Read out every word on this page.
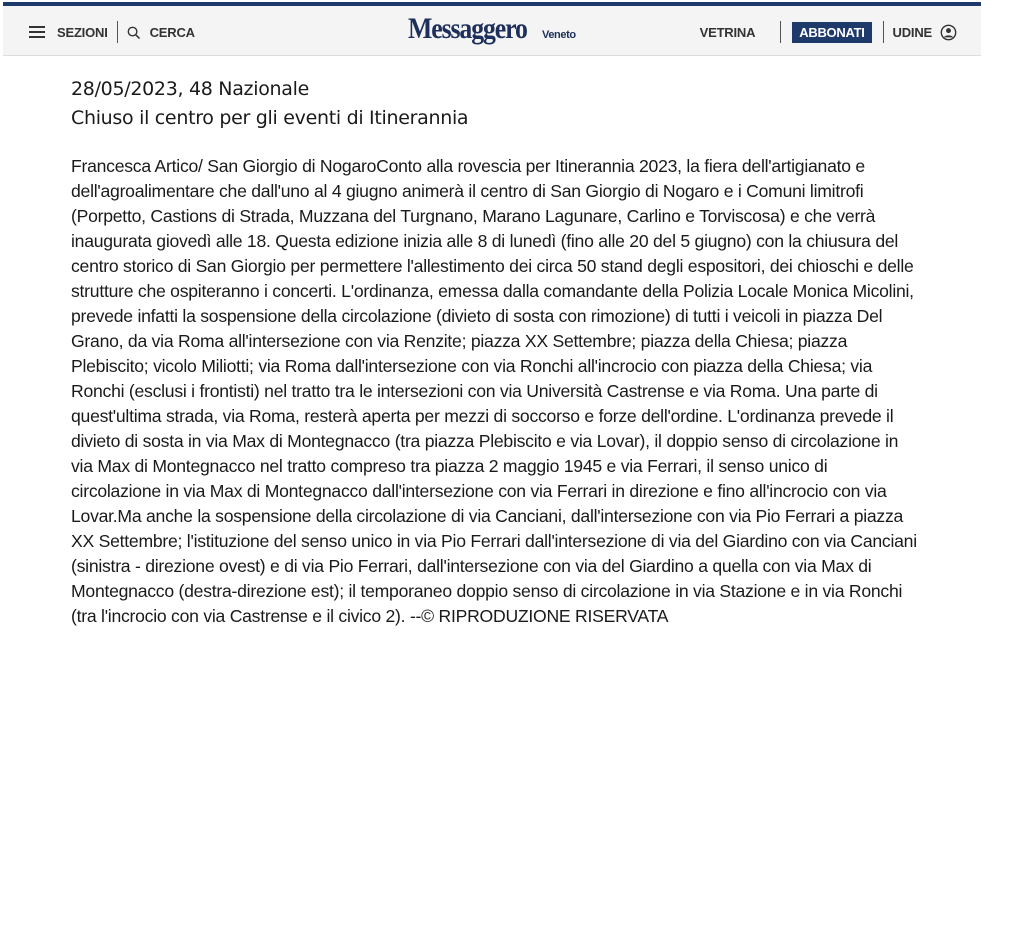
SEZIONI	CERCA	Messaggero Veneto	VETRINA	ABBONATI	UDINE

28/05/2023, 48 Nazionale

Chiuso il centro per gli eventi di Itinerannia

Francesca Artico/ San Giorgio di NogaroConto alla rovescia per Itinerannia 2023, la fiera dell'artigianato e dell'agroalimentare che dall'uno al 4 giugno animerà il centro di San Giorgio di Nogaro e i Comuni limitrofi (Porpetto, Castions di Strada, Muzzana del Turgnano, Marano Lagunare, Carlino e Torviscosa) e che verrà inaugurata giovedì alle 18. Questa edizione inizia alle 8 di lunedì (fino alle 20 del 5 giugno) con la chiusura del centro storico di San Giorgio per permettere l'allestimento dei circa 50 stand degli espositori, dei chioschi e delle strutture che ospiteranno i concerti. L'ordinanza, emessa dalla comandante della Polizia Locale Monica Micolini, prevede infatti la sospensione della circolazione (divieto di sosta con rimozione) di tutti i veicoli in piazza Del Grano, da via Roma all'intersezione con via Renzite; piazza XX Settembre; piazza della Chiesa; piazza Plebiscito; vicolo Miliotti; via Roma dall'intersezione con via Ronchi all'incrocio con piazza della Chiesa; via Ronchi (esclusi i frontisti) nel tratto tra le intersezioni con via Università Castrense e via Roma. Una parte di quest'ultima strada, via Roma, resterà aperta per mezzi di soccorso e forze dell'ordine. L'ordinanza prevede il divieto di sosta in via Max di Montegnacco (tra piazza Plebiscito e via Lovar), il doppio senso di circolazione in via Max di Montegnacco nel tratto compreso tra piazza 2 maggio 1945 e via Ferrari, il senso unico di circolazione in via Max di Montegnacco dall'intersezione con via Ferrari in direzione e fino all'incrocio con via Lovar.Ma anche la sospensione della circolazione di via Canciani, dall'intersezione con via Pio Ferrari a piazza XX Settembre; l'istituzione del senso unico in via Pio Ferrari dall'intersezione di via del Giardino con via Canciani (sinistra - direzione ovest) e di via Pio Ferrari, dall'intersezione con via del Giardino a quella con via Max di Montegnacco (destra-direzione est); il temporaneo doppio senso di circolazione in via Stazione e in via Ronchi (tra l'incrocio con via Castrense e il civico 2). --© RIPRODUZIONE RISERVATA
